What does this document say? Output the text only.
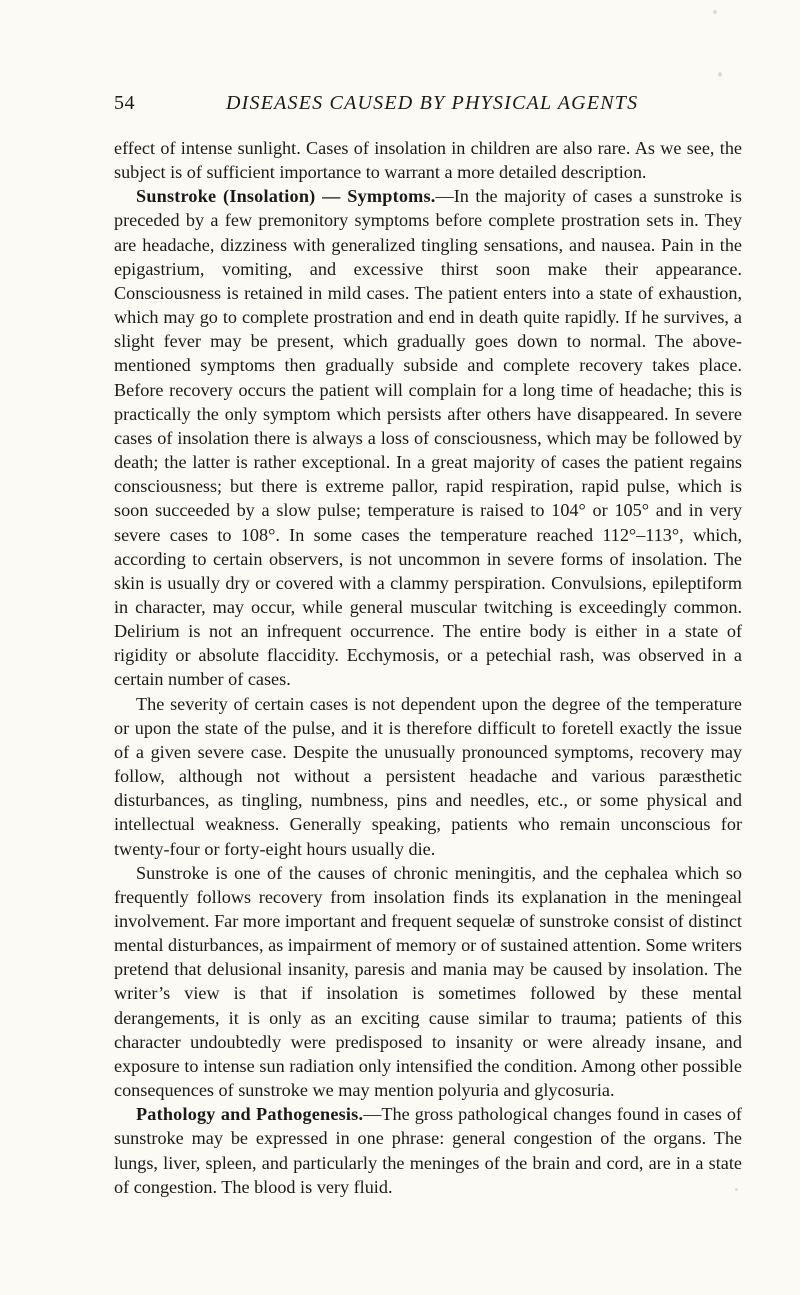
54	DISEASES CAUSED BY PHYSICAL AGENTS

effect of intense sunlight. Cases of insolation in children are also rare. As we see, the subject is of sufficient importance to warrant a more detailed description.

Sunstroke (Insolation) — Symptoms.—In the majority of cases a sunstroke is preceded by a few premonitory symptoms before complete prostration sets in. They are headache, dizziness with generalized tingling sensations, and nausea. Pain in the epigastrium, vomiting, and excessive thirst soon make their appearance. Consciousness is retained in mild cases. The patient enters into a state of exhaustion, which may go to complete prostration and end in death quite rapidly. If he survives, a slight fever may be present, which gradually goes down to normal. The above-mentioned symptoms then gradually subside and complete recovery takes place. Before recovery occurs the patient will complain for a long time of headache; this is practically the only symptom which persists after others have disappeared. In severe cases of insolation there is always a loss of consciousness, which may be followed by death; the latter is rather exceptional. In a great majority of cases the patient regains consciousness; but there is extreme pallor, rapid respiration, rapid pulse, which is soon succeeded by a slow pulse; temperature is raised to 104° or 105° and in very severe cases to 108°. In some cases the temperature reached 112°–113°, which, according to certain observers, is not uncommon in severe forms of insolation. The skin is usually dry or covered with a clammy perspiration. Convulsions, epileptiform in character, may occur, while general muscular twitching is exceedingly common. Delirium is not an infrequent occurrence. The entire body is either in a state of rigidity or absolute flaccidity. Ecchymosis, or a petechial rash, was observed in a certain number of cases.

The severity of certain cases is not dependent upon the degree of the temperature or upon the state of the pulse, and it is therefore difficult to foretell exactly the issue of a given severe case. Despite the unusually pronounced symptoms, recovery may follow, although not without a persistent headache and various paræsthetic disturbances, as tingling, numbness, pins and needles, etc., or some physical and intellectual weakness. Generally speaking, patients who remain unconscious for twenty-four or forty-eight hours usually die.

Sunstroke is one of the causes of chronic meningitis, and the cephalea which so frequently follows recovery from insolation finds its explanation in the meningeal involvement. Far more important and frequent sequelæ of sunstroke consist of distinct mental disturbances, as impairment of memory or of sustained attention. Some writers pretend that delusional insanity, paresis and mania may be caused by insolation. The writer’s view is that if insolation is sometimes followed by these mental derangements, it is only as an exciting cause similar to trauma; patients of this character undoubtedly were predisposed to insanity or were already insane, and exposure to intense sun radiation only intensified the condition. Among other possible consequences of sunstroke we may mention polyuria and glycosuria.

Pathology and Pathogenesis.—The gross pathological changes found in cases of sunstroke may be expressed in one phrase: general congestion of the organs. The lungs, liver, spleen, and particularly the meninges of the brain and cord, are in a state of congestion. The blood is very fluid.
